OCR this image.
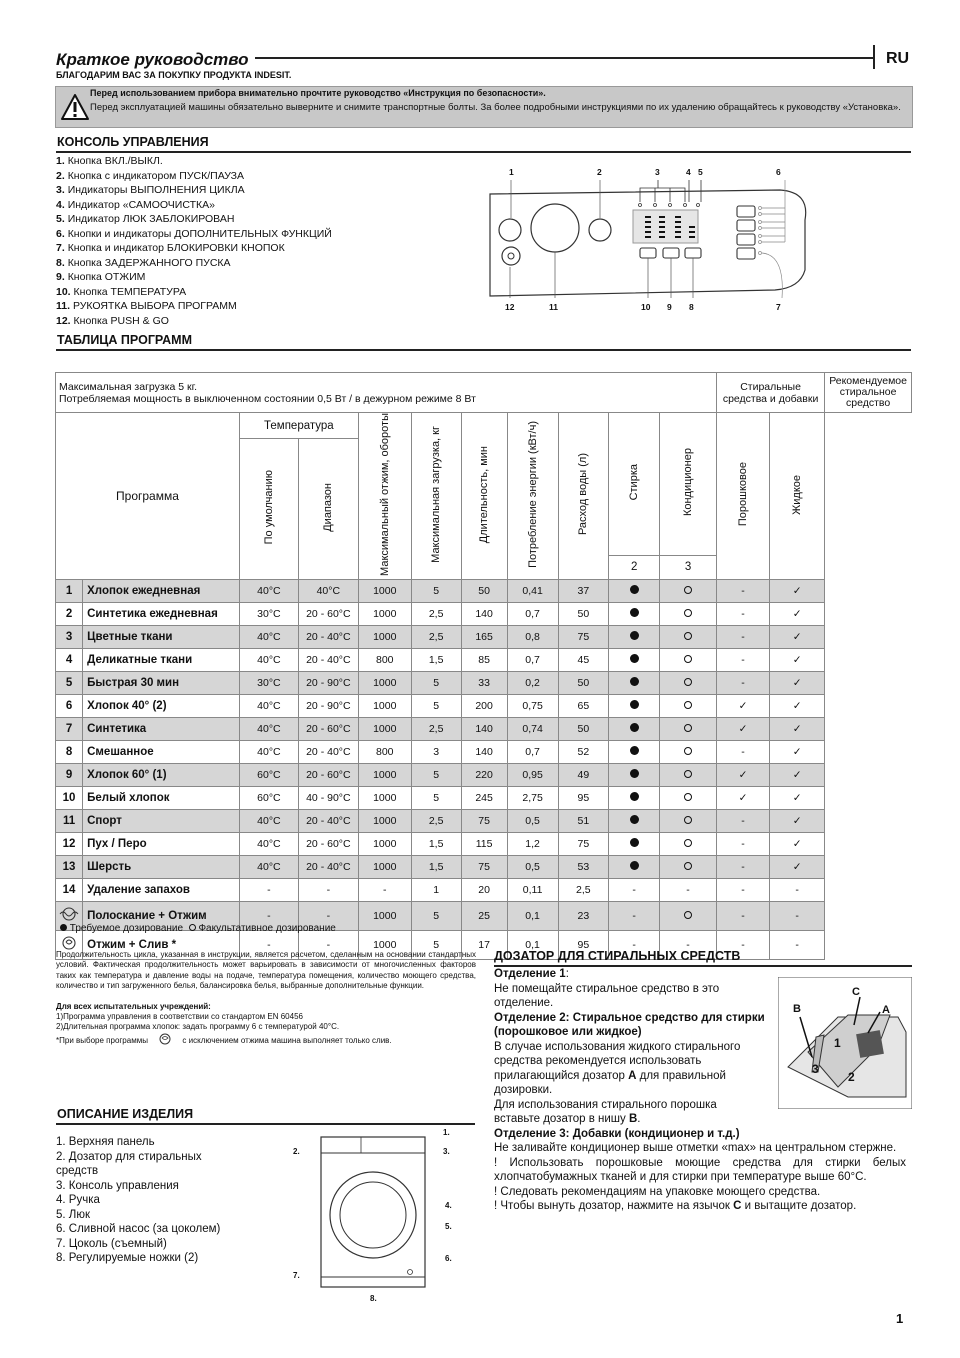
Краткое руководство	RU
БЛАГОДАРИМ ВАС ЗА ПОКУПКУ ПРОДУКТА INDESIT.
Перед использованием прибора внимательно прочтите руководство «Инструкция по безопасности».
Перед эксплуатацией машины обязательно выверните и снимите транспортные болты. За более подробными инструкциями по их удалению обращайтесь к руководству «Установка».
КОНСОЛЬ УПРАВЛЕНИЯ
1. Кнопка ВКЛ./ВЫКЛ.
2. Кнопка с индикатором ПУСК/ПАУЗА
3. Индикаторы ВЫПОЛНЕНИЯ ЦИКЛА
4. Индикатор «САМООЧИСТКА»
5. Индикатор ЛЮК ЗАБЛОКИРОВАН
6. Кнопки и индикаторы ДОПОЛНИТЕЛЬНЫХ ФУНКЦИЙ
7. Кнопка и индикатор БЛОКИРОВКИ КНОПОК
8. Кнопка ЗАДЕРЖАННОГО ПУСКА
9. Кнопка ОТЖИМ
10. Кнопка ТЕМПЕРАТУРА
11. РУКОЯТКА ВЫБОРА ПРОГРАММ
12. Кнопка PUSH & GO
1	2	3	4 5	6
12	11	10 9 8	7
ТАБЛИЦА ПРОГРАММ
Максимальная загрузка 5 кг.
Потребляемая мощность в выключенном состоянии 0,5 Вт / в дежурном режиме 8 Вт											Стиральные средства и добавки		Рекомендуемое стиральное средство
Программа		Температура		Максимальный отжим, обороты	Максимальная загрузка, кг	Длительность, мин	Потребление энергии (кВт/ч)	Расход воды (л)	Стирка	Кондиционер	Порошковое	Жидкое	
		По умолчанию	Диапазон										
									2	3			
1	Хлопок ежедневная	40°C	40°C	1000	5	50	0,41	37			-	✓	
2	Синтетика ежедневная	30°C	20 - 60°C	1000	2,5	140	0,7	50			-	✓	
3	Цветные ткани	40°C	20 - 40°C	1000	2,5	165	0,8	75			-	✓	
4	Деликатные ткани	40°C	20 - 40°C	800	1,5	85	0,7	45			-	✓	
5	Быстрая 30 мин	30°C	20 - 90°C	1000	5	33	0,2	50			-	✓	
6	Хлопок 40° (2)	40°C	20 - 90°C	1000	5	200	0,75	65			✓	✓	
7	Синтетика	40°C	20 - 60°C	1000	2,5	140	0,74	50			✓	✓	
8	Смешанное	40°C	20 - 40°C	800	3	140	0,7	52			-	✓	
9	Хлопок 60° (1)	60°C	20 - 60°C	1000	5	220	0,95	49			✓	✓	
10	Белый хлопок	60°C	40 - 90°C	1000	5	245	2,75	95			✓	✓	
11	Спорт	40°C	20 - 40°C	1000	2,5	75	0,5	51			-	✓	
12	Пух / Перо	40°C	20 - 60°C	1000	1,5	115	1,2	75			-	✓	
13	Шерсть	40°C	20 - 40°C	1000	1,5	75	0,5	53			-	✓	
14	Удаление запахов	-	-	-	1	20	0,11	2,5	-	-	-	-	
	Полоскание + Отжим	-	-	1000	5	25	0,1	23	-		-	-	
	Отжим + Слив *	-	-	1000	5	17	0,1	95	-	-	-	-	
Требуемое дозирование Факультативное дозирование
Продолжительность цикла, указанная в инструкции, является расчетом, сделанным на основании стандартных условий. Фактическая продолжительность может варьировать в зависимости от многочисленных факторов таких как температура и давление воды на подаче, температура помещения, количество моющего средства, количество и тип загруженного белья, балансировка белья, выбранные дополнительные функции.
Для всех испытательных учреждений:
1)Программа управления в соответствии со стандартом EN 60456
2)Длительная программа хлопок: задать программу 6 с температурой 40°C.
*При выборе программы	с исключением отжима машина выполняет только слив.
ОПИСАНИЕ ИЗДЕЛИЯ
1. Верхняя панель
2. Дозатор для стиральных средств
3. Консоль управления
4. Ручка
5. Люк
6. Сливной насос (за цоколем)
7. Цоколь (съемный)
8. Регулируемые ножки (2)
1.
2.	3.
4.
5.
6.
7.
8.
ДОЗАТОР ДЛЯ СТИРАЛЬНЫХ СРЕДСТВ
B
C
A
1
2
3
Отделение 1:
Не помещайте стиральное средство в это отделение.
Отделение 2: Стиральное средство для стирки (порошковое или жидкое)
В случае использования жидкого стирального средства рекомендуется использовать прилагающийся дозатор A для правильной дозировки.
Для использования стирального порошка вставьте дозатор в нишу B.
Отделение 3: Добавки (кондиционер и т.д.)
Не заливайте кондиционер выше отметки «max» на центральном стержне.
! Использовать порошковые моющие средства для стирки белых хлопчатобумажных тканей и для стирки при температуре выше 60°С.
! Следовать рекомендациям на упаковке моющего средства.
! Чтобы вынуть дозатор, нажмите на язычок C и вытащите дозатор.
1
